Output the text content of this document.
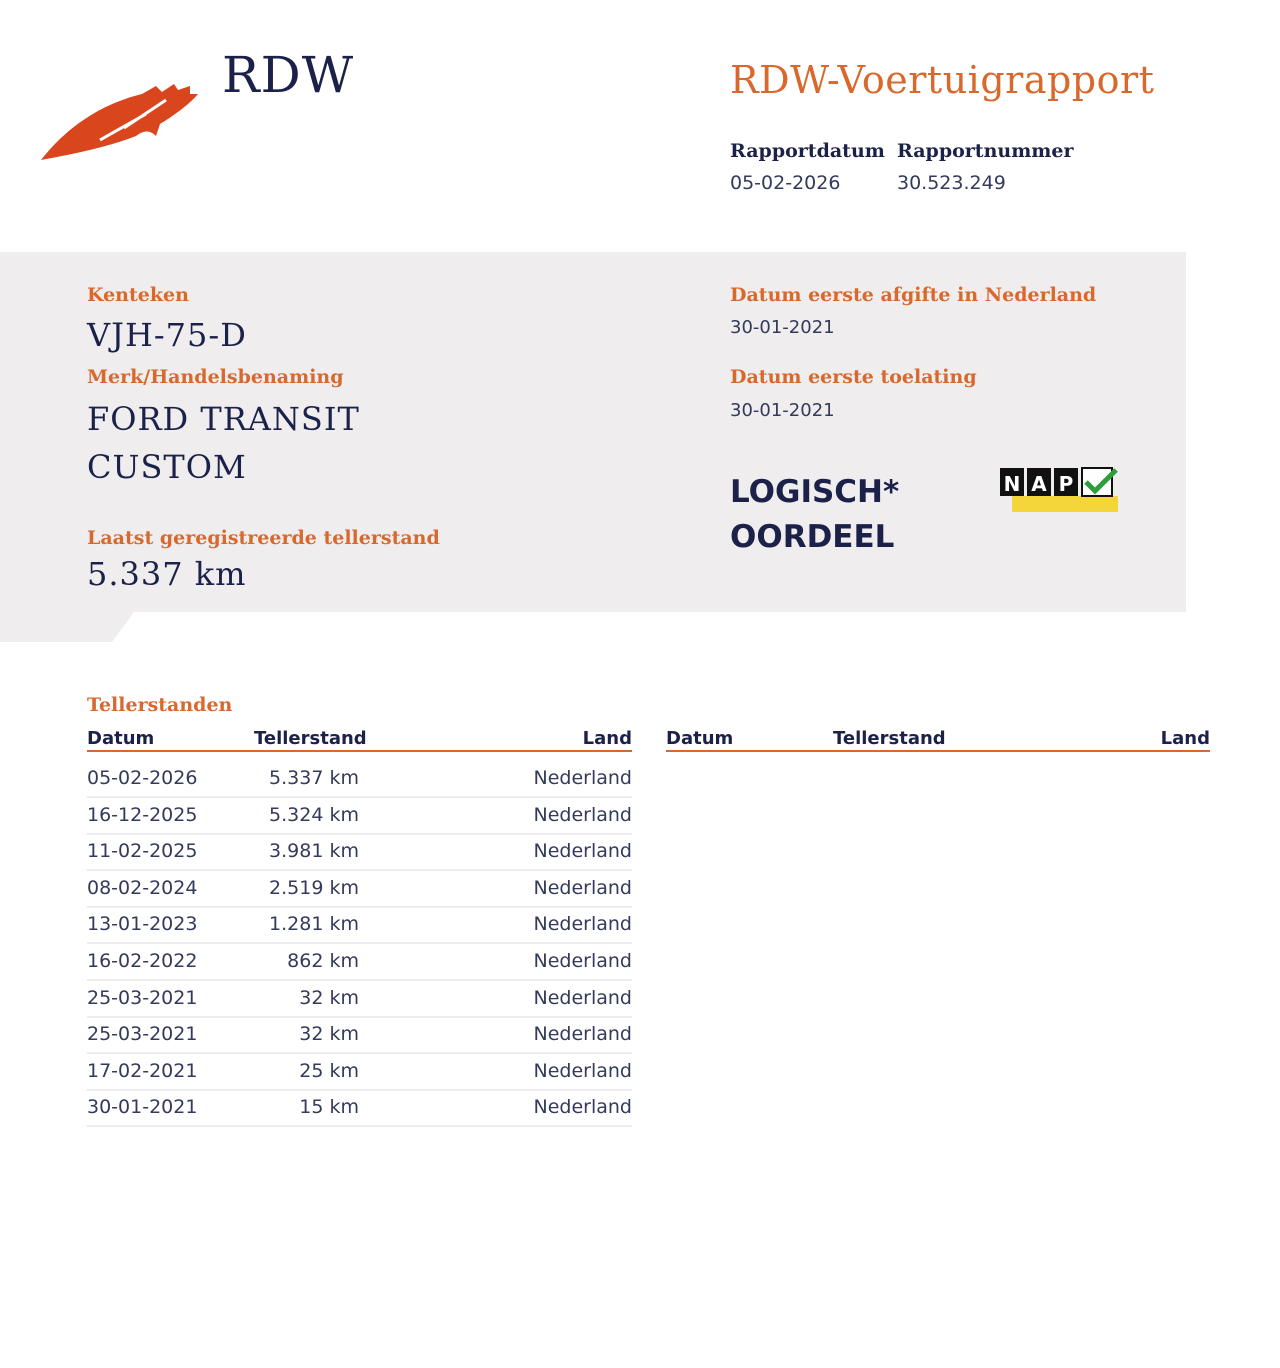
RDW	RDW-Voertuigrapport
Rapportdatum
05-02-2026
Rapportnummer
30.523.249
Kenteken
VJH-75-D
Merk/Handelsbenaming
FORD TRANSIT
CUSTOM
Laatst geregistreerde tellerstand
5.337 km
Datum eerste afgifte in Nederland
30-01-2021
Datum eerste toelating
30-01-2021
LOGISCH*
OORDEEL
N A P
Tellerstanden
Datum	Tellerstand	Land Datum	Tellerstand	Land
05-02-2026	5.337 km	Nederland
16-12-2025	5.324 km	Nederland
11-02-2025	3.981 km	Nederland
08-02-2024	2.519 km	Nederland
13-01-2023	1.281 km	Nederland
16-02-2022	862 km	Nederland
25-03-2021	32 km	Nederland
25-03-2021	32 km	Nederland
17-02-2021	25 km	Nederland
30-01-2021	15 km	Nederland
